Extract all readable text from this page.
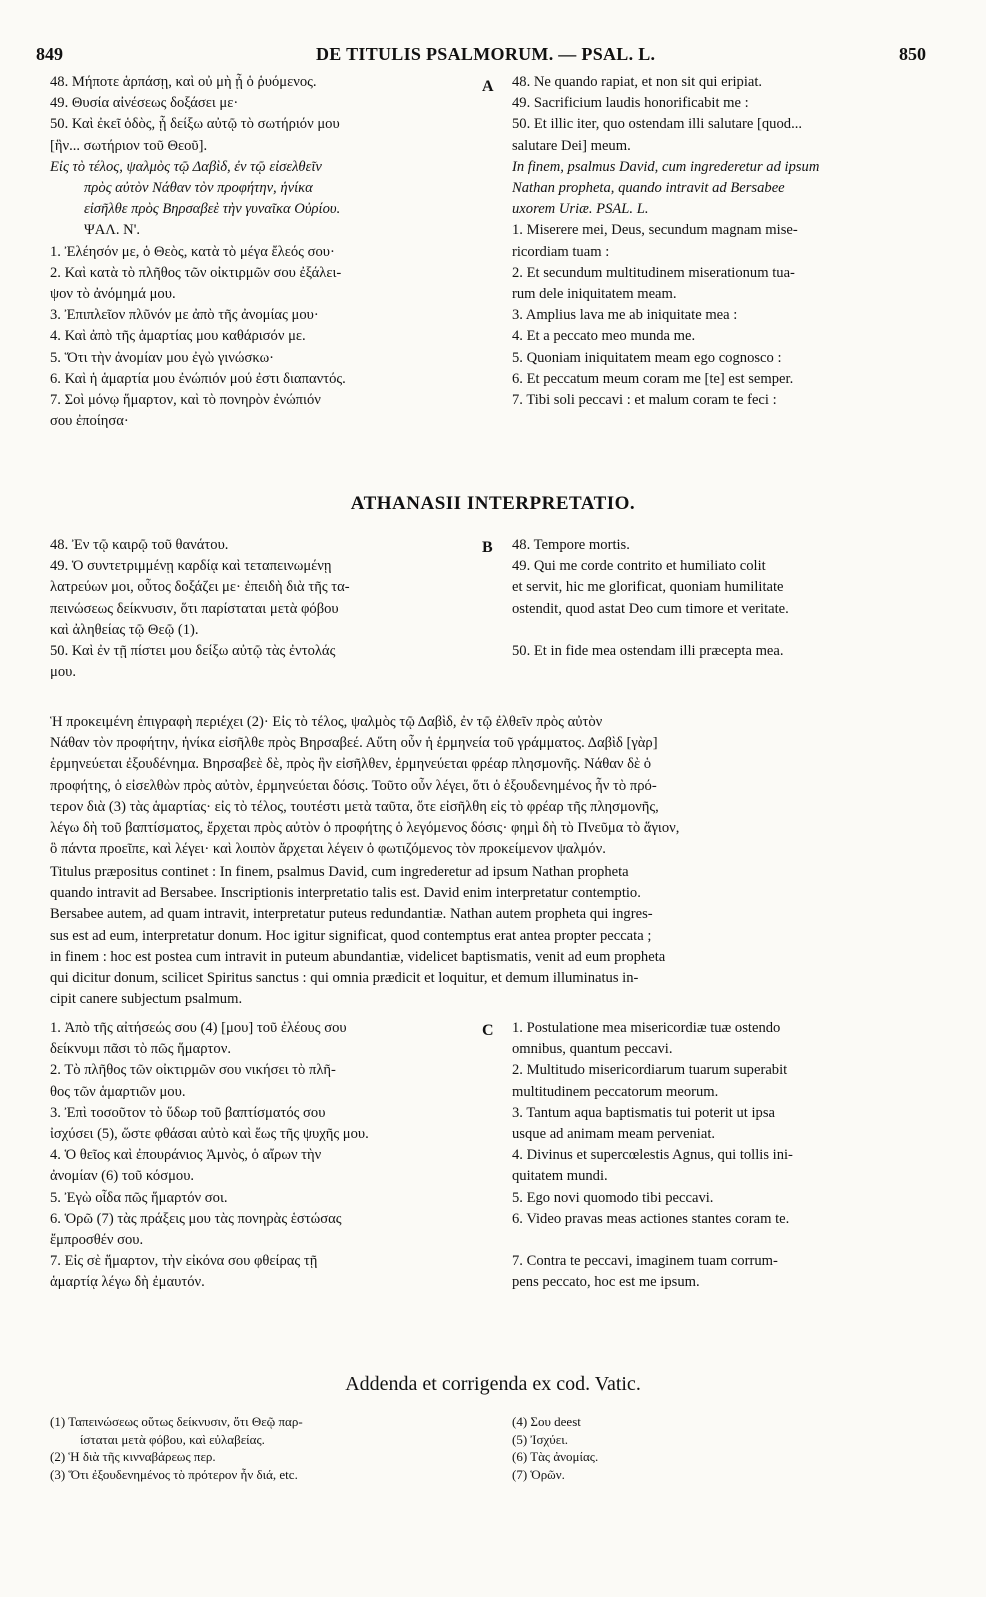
849	DE TITULIS PSALMORUM. — PSAL. L.	850

48. Μήποτε ἁρπάσῃ, καὶ οὐ μὴ ᾖ ὁ ῥυόμενος.

49. Θυσία αἰνέσεως δοξάσει με·

50. Καὶ ἐκεῖ ὁδὸς, ᾗ δείξω αὐτῷ τὸ σωτήριόν μου

[ἣν... σωτήριον τοῦ Θεοῦ].

Εἰς τὸ τέλος, ψαλμὸς τῷ Δαβὶδ, ἐν τῷ εἰσελθεῖν

πρὸς αὐτὸν Νάθαν τὸν προφήτην, ἡνίκα

εἰσῆλθε πρὸς Βηρσαβεὲ τὴν γυναῖκα Οὐρίου.

ΨΑΛ. Ν'.

1. Ἐλέησόν με, ὁ Θεὸς, κατὰ τὸ μέγα ἔλεός σου·

2. Καὶ κατὰ τὸ πλῆθος τῶν οἰκτιρμῶν σου ἐξάλει-

ψον τὸ ἀνόμημά μου.

3. Ἐπιπλεῖον πλῦνόν με ἀπὸ τῆς ἀνομίας μου·

4. Καὶ ἀπὸ τῆς ἁμαρτίας μου καθάρισόν με.

5. Ὅτι τὴν ἀνομίαν μου ἐγὼ γινώσκω·

6. Καὶ ἡ ἁμαρτία μου ἐνώπιόν μού ἐστι διαπαντός.

7. Σοὶ μόνῳ ἥμαρτον, καὶ τὸ πονηρὸν ἐνώπιόν

σου ἐποίησα·

A 48. Ne quando rapiat, et non sit qui eripiat.

49. Sacrificium laudis honorificabit me :

50. Et illic iter, quo ostendam illi salutare [quod...

salutare Dei] meum.

In finem, psalmus David, cum ingrederetur ad ipsum

Nathan propheta, quando intravit ad Bersabee

uxorem Uriæ. PSAL. L.

1. Miserere mei, Deus, secundum magnam mise-

ricordiam tuam :

2. Et secundum multitudinem miserationum tua-

rum dele iniquitatem meam.

3. Amplius lava me ab iniquitate mea :

4. Et a peccato meo munda me.

5. Quoniam iniquitatem meam ego cognosco :

6. Et peccatum meum coram me [te] est semper.

7. Tibi soli peccavi : et malum coram te feci :

ATHANASII INTERPRETATIO.

48. Ἐν τῷ καιρῷ τοῦ θανάτου.

49. Ὁ συντετριμμένῃ καρδίᾳ καὶ τεταπεινωμένῃ

λατρεύων μοι, οὗτος δοξάζει με· ἐπειδὴ διὰ τῆς τα-

πεινώσεως δείκνυσιν, ὅτι παρίσταται μετὰ φόβου

καὶ ἀληθείας τῷ Θεῷ (1).

50. Καὶ ἐν τῇ πίστει μου δείξω αὐτῷ τὰς ἐντολάς

μου.

B 48. Tempore mortis.

49. Qui me corde contrito et humiliato colit

et servit, hic me glorificat, quoniam humilitate

ostendit, quod astat Deo cum timore et veritate.

50. Et in fide mea ostendam illi præcepta mea.

Ἡ προκειμένη ἐπιγραφὴ περιέχει (2)· Εἰς τὸ τέλος, ψαλμὸς τῷ Δαβὶδ, ἐν τῷ ἐλθεῖν πρὸς αὐτὸν

Νάθαν τὸν προφήτην, ἡνίκα εἰσῆλθε πρὸς Βηρσαβεέ. Αὕτη οὖν ἡ ἑρμηνεία τοῦ γράμματος. Δαβὶδ [γὰρ]

ἑρμηνεύεται ἐξουδένημα. Βηρσαβεὲ δὲ, πρὸς ἣν εἰσῆλθεν, ἑρμηνεύεται φρέαρ πλησμονῆς. Νάθαν δὲ ὁ

προφήτης, ὁ εἰσελθὼν πρὸς αὐτὸν, ἑρμηνεύεται δόσις. Τοῦτο οὖν λέγει, ὅτι ὁ ἐξουδενημένος ἦν τὸ πρό-

τερον διὰ (3) τὰς ἁμαρτίας· εἰς τὸ τέλος, τουτέστι μετὰ ταῦτα, ὅτε εἰσῆλθη εἰς τὸ φρέαρ τῆς πλησμονῆς,

λέγω δὴ τοῦ βαπτίσματος, ἔρχεται πρὸς αὐτὸν ὁ προφήτης ὁ λεγόμενος δόσις· φημὶ δὴ τὸ Πνεῦμα τὸ ἅγιον,

ὃ πάντα προεῖπε, καὶ λέγει· καὶ λοιπὸν ἄρχεται λέγειν ὁ φωτιζόμενος τὸν προκείμενον ψαλμόν.

Titulus præpositus continet : In finem, psalmus David, cum ingrederetur ad ipsum Nathan propheta

quando intravit ad Bersabee. Inscriptionis interpretatio talis est. David enim interpretatur contemptio.

Bersabee autem, ad quam intravit, interpretatur puteus redundantiæ. Nathan autem propheta qui ingres-

sus est ad eum, interpretatur donum. Hoc igitur significat, quod contemptus erat antea propter peccata ;

in finem : hoc est postea cum intravit in puteum abundantiæ, videlicet baptismatis, venit ad eum propheta

qui dicitur donum, scilicet Spiritus sanctus : qui omnia prædicit et loquitur, et demum illuminatus in-

cipit canere subjectum psalmum.

1. Ἀπὸ τῆς αἰτήσεώς σου (4) [μου] τοῦ ἐλέους σου

δείκνυμι πᾶσι τὸ πῶς ἥμαρτον.

2. Τὸ πλῆθος τῶν οἰκτιρμῶν σου νικήσει τὸ πλῆ-

θος τῶν ἁμαρτιῶν μου.

3. Ἐπὶ τοσοῦτον τὸ ὕδωρ τοῦ βαπτίσματός σου

ἰσχύσει (5), ὥστε φθάσαι αὐτὸ καὶ ἕως τῆς ψυχῆς μου.

4. Ὁ θεῖος καὶ ἐπουράνιος Ἀμνὸς, ὁ αἴρων τὴν

ἀνομίαν (6) τοῦ κόσμου.

5. Ἐγὼ οἶδα πῶς ἥμαρτόν σοι.

6. Ὁρῶ (7) τὰς πράξεις μου τὰς πονηρὰς ἑστώσας

ἔμπροσθέν σου.

7. Εἰς σὲ ἥμαρτον, τὴν εἰκόνα σου φθείρας τῇ

ἁμαρτίᾳ λέγω δὴ ἐμαυτόν.

C 1. Postulatione mea misericordiæ tuæ ostendo

omnibus, quantum peccavi.

2. Multitudo misericordiarum tuarum superabit

multitudinem peccatorum meorum.

3. Tantum aqua baptismatis tui poterit ut ipsa

usque ad animam meam perveniat.

4. Divinus et supercœlestis Agnus, qui tollis ini-

quitatem mundi.

5. Ego novi quomodo tibi peccavi.

6. Video pravas meas actiones stantes coram te.

7. Contra te peccavi, imaginem tuam corrum-

pens peccato, hoc est me ipsum.

Addenda et corrigenda ex cod. Vatic.

(1) Ταπεινώσεως οὕτως δείκνυσιν, ὅτι Θεῷ παρ-

ίσταται μετὰ φόβου, καὶ εὐλαβείας.

(2) Ἡ διὰ τῆς κινναβάρεως περ.

(3) Ὅτι ἐξουδενημένος τὸ πρότερον ἦν διά, etc.

(4) Σου deest

(5) Ἰσχύει.

(6) Τὰς ἀνομίας.

(7) Ὁρῶν.
